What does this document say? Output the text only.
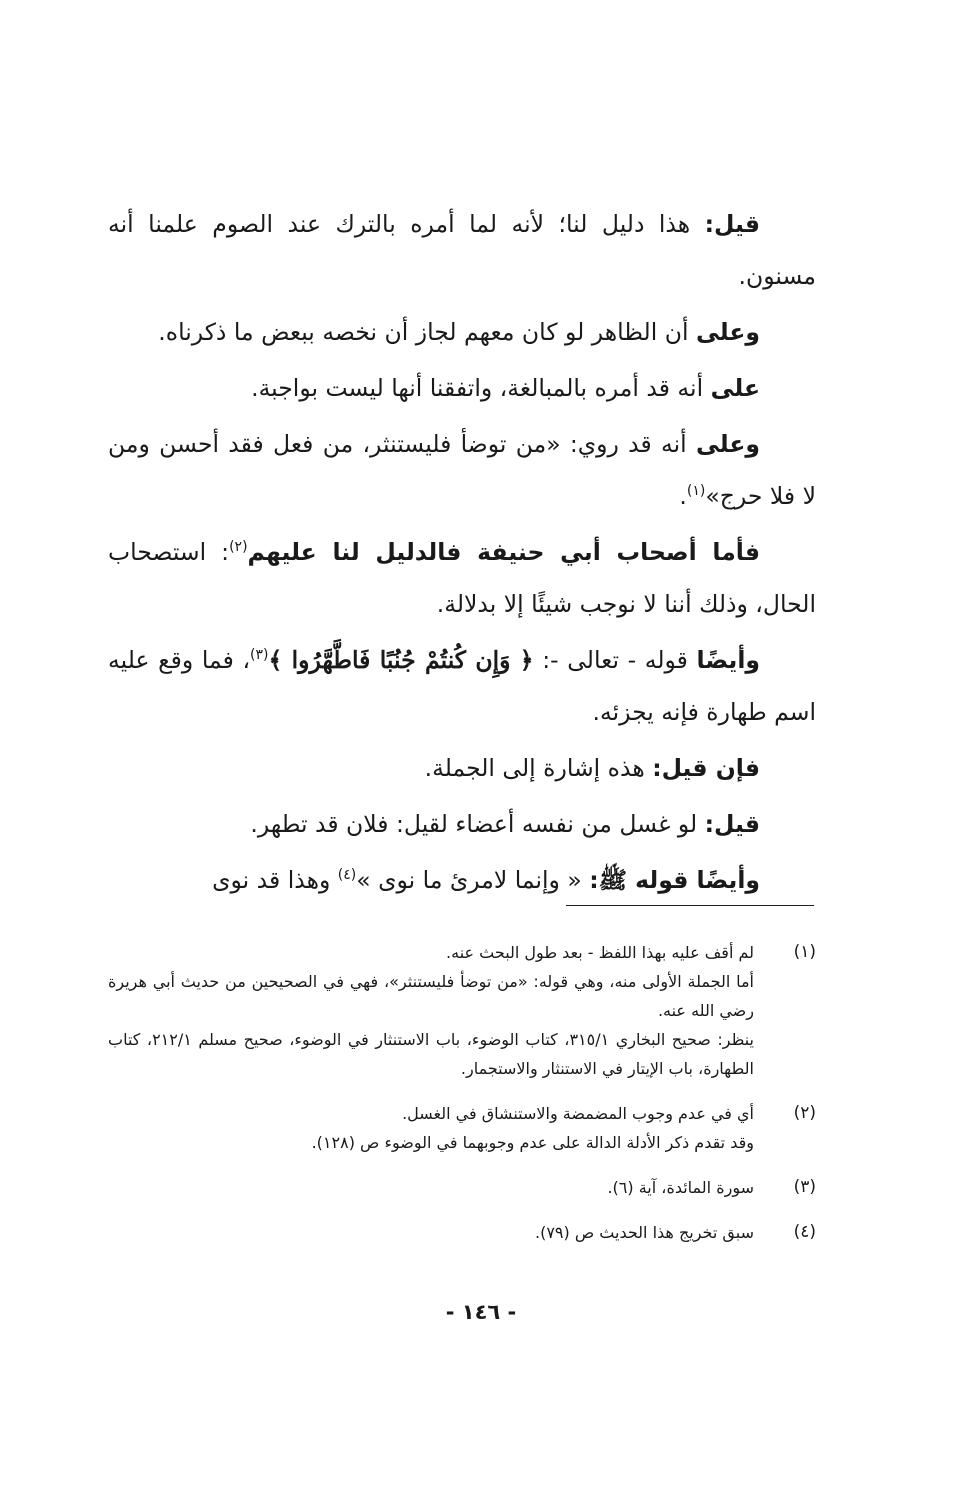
قيل: هذا دليل لنا؛ لأنه لما أمره بالترك عند الصوم علمنا أنه مسنون.

وعلى أن الظاهر لو كان معهم لجاز أن نخصه ببعض ما ذكرناه.

على أنه قد أمره بالمبالغة، واتفقنا أنها ليست بواجبة.

وعلى أنه قد روي: «من توضأ فليستنثر، من فعل فقد أحسن ومن لا فلا حرج»$^{(١)}$.

فأما أصحاب أبي حنيفة فالدليل لنا عليهم$^{(٢)}$: استصحاب الحال، وذلك أننا لا نوجب شيئًا إلا بدلالة.

وأيضًا قوله - تعالى -: ﴿ وَإِن كُنتُمْ جُنُبًا فَاطَّهَّرُوا ﴾$^{(٣)}$، فما وقع عليه اسم طهارة فإنه يجزئه.

فإن قيل: هذه إشارة إلى الجملة.

قيل: لو غسل من نفسه أعضاء لقيل: فلان قد تطهر.

وأيضًا قوله ﷺ: « وإنما لامرئ ما نوى »$^{(٤)}$ وهذا قد نوى

(١)
لم أقف عليه بهذا اللفظ - بعد طول البحث عنه.
أما الجملة الأولى منه، وهي قوله: «من توضأ فليستنثر»، فهي في الصحيحين من حديث أبي هريرة رضي الله عنه.
ينظر: صحيح البخاري ٣١٥/١، كتاب الوضوء، باب الاستنثار في الوضوء، صحيح مسلم ٢١٢/١، كتاب الطهارة، باب الإيتار في الاستنثار والاستجمار.
(٢)
أي في عدم وجوب المضمضة والاستنشاق في الغسل.
وقد تقدم ذكر الأدلة الدالة على عدم وجوبهما في الوضوء ص (١٢٨).
(٣)
سورة المائدة، آية (٦).
(٤)
سبق تخريج هذا الحديث ص (٧٩).
- ١٤٦ -
